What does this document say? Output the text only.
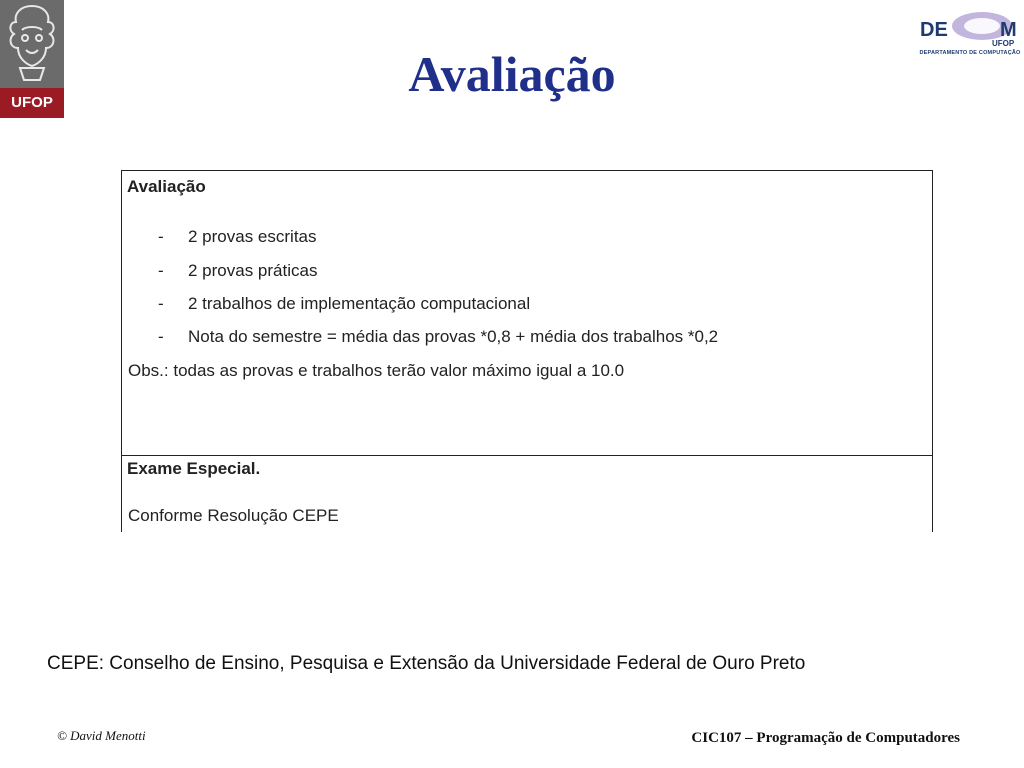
UFOP
DE	M
UFOP
DEPARTAMENTO DE COMPUTAÇÃO
Avaliação
Avaliação
- 2 provas escritas
- 2 provas práticas
- 2 trabalhos de implementação computacional
- Nota do semestre = média das provas *0,8 + média dos trabalhos *0,2
Obs.: todas as provas e trabalhos terão valor máximo igual a 10.0
Exame Especial.
Conforme Resolução CEPE
CEPE: Conselho de Ensino, Pesquisa e Extensão da Universidade Federal de Ouro Preto
© David Menotti	CIC107 – Programação de Computadores
